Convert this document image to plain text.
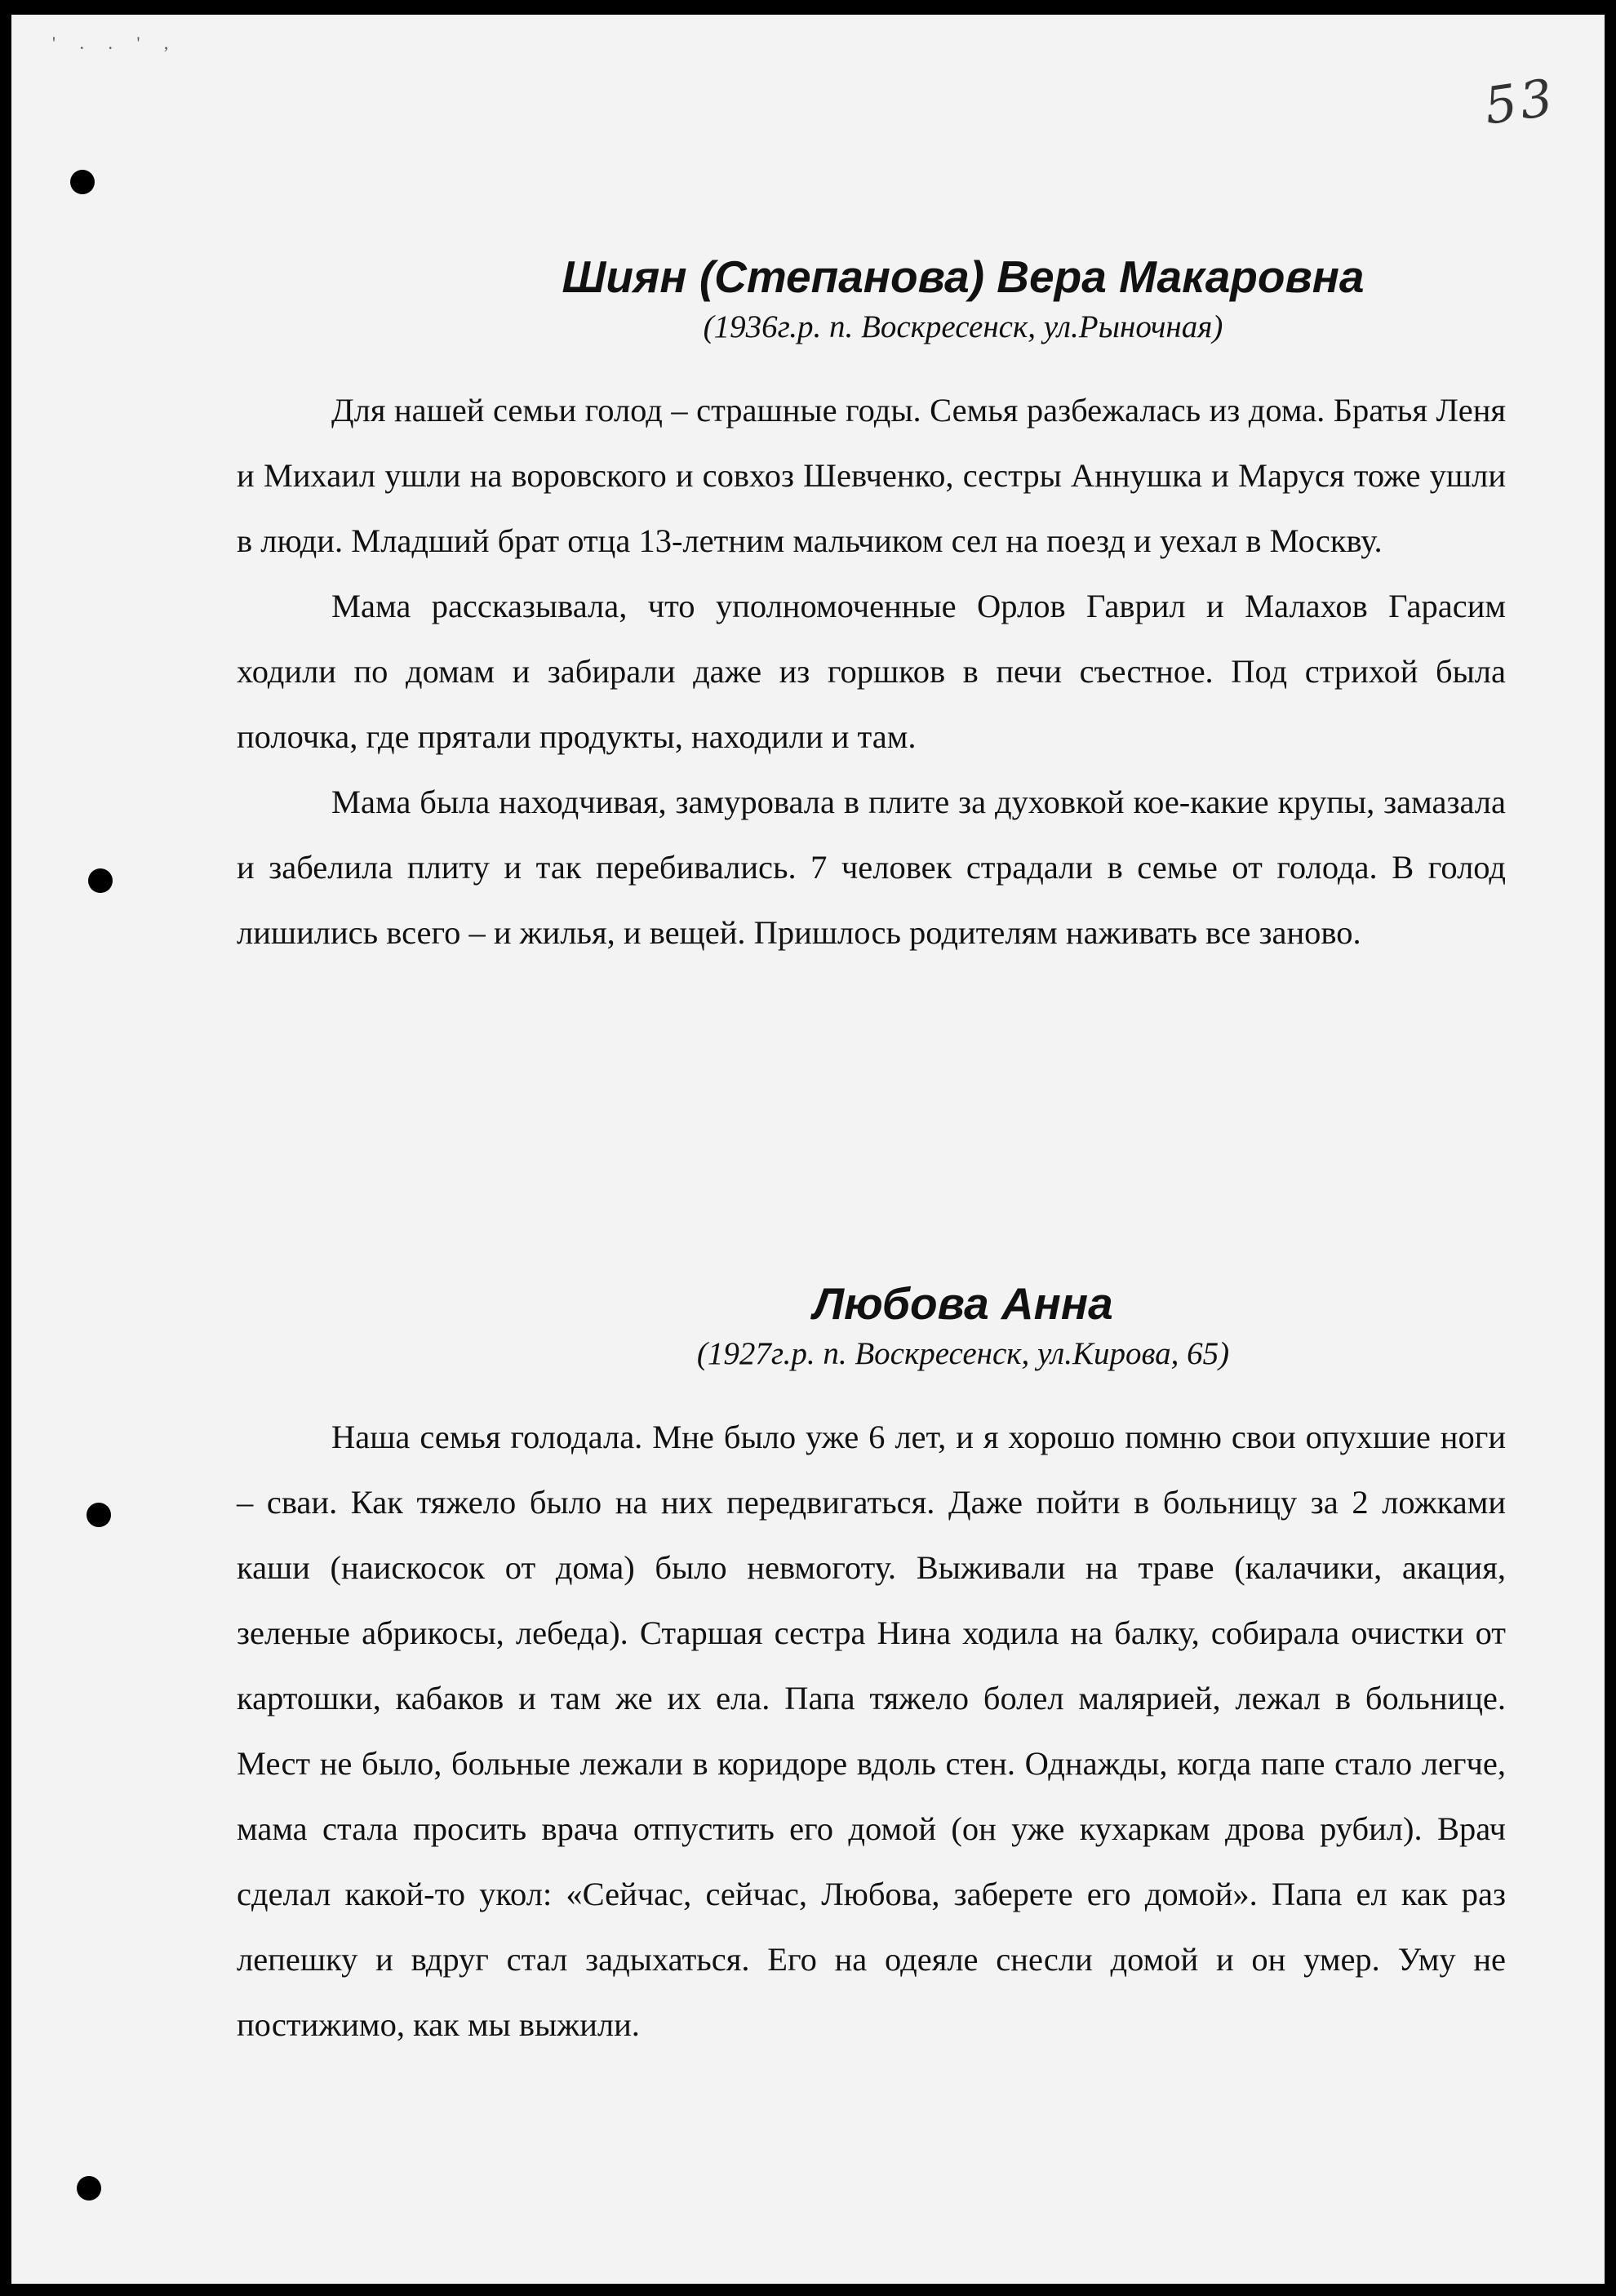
' . . ' ,
53
Шиян (Степанова) Вера Макаровна

(1936г.р. п. Воскресенск, ул.Рыночная)

Для нашей семьи голод – страшные годы. Семья разбежалась из дома. Братья Леня и Михаил ушли на воровского и совхоз Шевченко, сестры Аннушка и Маруся тоже ушли в люди. Младший брат отца 13-летним мальчиком сел на поезд и уехал в Москву.

Мама рассказывала, что уполномоченные Орлов Гаврил и Малахов Гарасим ходили по домам и забирали даже из горшков в печи съестное. Под стрихой была полочка, где прятали продукты, находили и там.

Мама была находчивая, замуровала в плите за духовкой кое-какие крупы, замазала и забелила плиту и так перебивались. 7 человек страдали в семье от голода. В голод лишились всего – и жилья, и вещей. Пришлось родителям наживать все заново.

Любова Анна

(1927г.р. п. Воскресенск, ул.Кирова, 65)

Наша семья голодала. Мне было уже 6 лет, и я хорошо помню свои опухшие ноги – сваи. Как тяжело было на них передвигаться. Даже пойти в больницу за 2 ложками каши (наискосок от дома) было невмоготу. Выживали на траве (калачики, акация, зеленые абрикосы, лебеда). Старшая сестра Нина ходила на балку, собирала очистки от картошки, кабаков и там же их ела. Папа тяжело болел малярией, лежал в больнице. Мест не было, больные лежали в коридоре вдоль стен. Однажды, когда папе стало легче, мама стала просить врача отпустить его домой (он уже кухаркам дрова рубил). Врач сделал какой-то укол: «Сейчас, сейчас, Любова, заберете его домой». Папа ел как раз лепешку и вдруг стал задыхаться. Его на одеяле снесли домой и он умер. Уму не постижимо, как мы выжили.
